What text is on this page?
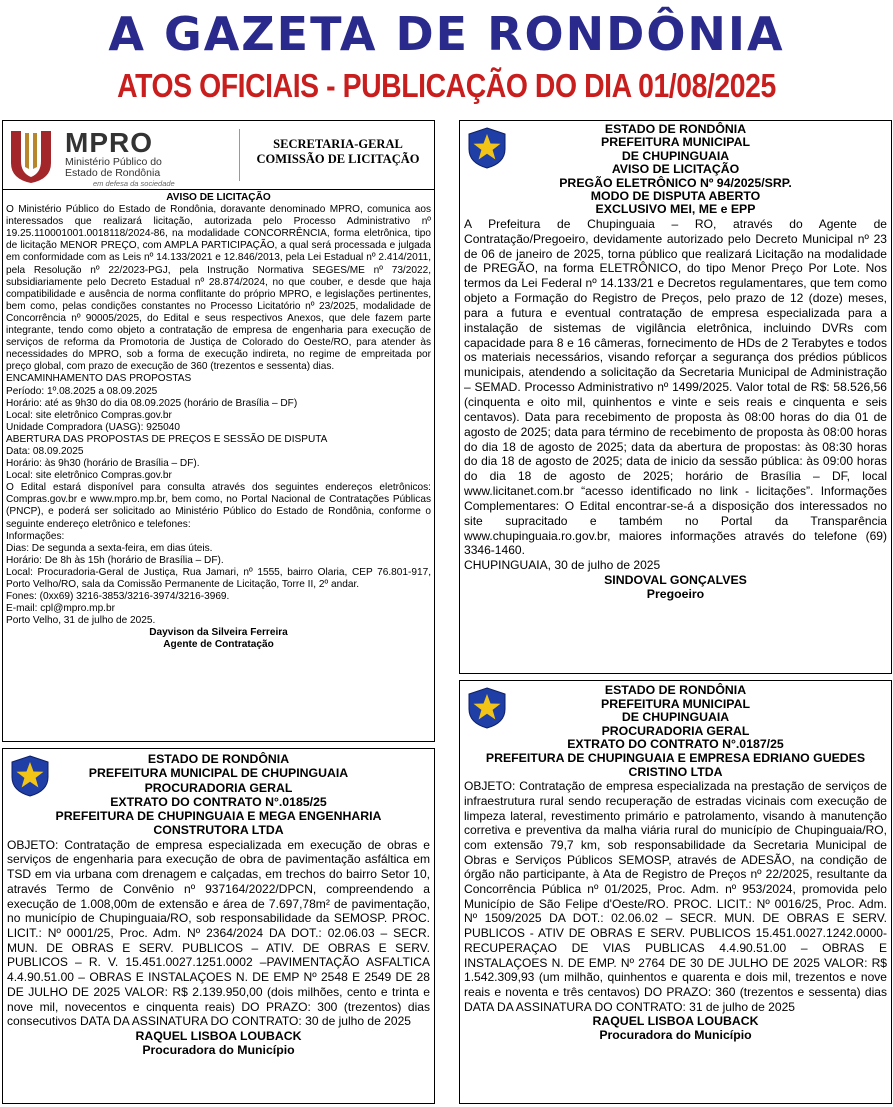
A GAZETA DE RONDÔNIA
ATOS OFICIAIS - PUBLICAÇÃO DO DIA 01/08/2025
MPRO
Ministério Público do
Estado de Rondônia
em defesa da sociedade
SECRETARIA-GERAL
COMISSÃO DE LICITAÇÃO
AVISO DE LICITAÇÃO

O Ministério Público do Estado de Rondônia, doravante denominado MPRO, comunica aos interessados que realizará licitação, autorizada pelo Processo Administrativo nº 19.25.110001001.0018118/2024-86, na modalidade CONCORRÊNCIA, forma eletrônica, tipo de licitação MENOR PREÇO, com AMPLA PARTICIPAÇÃO, a qual será processada e julgada em conformidade com as Leis nº 14.133/2021 e 12.846/2013, pela Lei Estadual nº 2.414/2011, pela Resolução nº 22/2023-PGJ, pela Instrução Normativa SEGES/ME nº 73/2022, subsidiariamente pelo Decreto Estadual nº 28.874/2024, no que couber, e desde que haja compatibilidade e ausência de norma conflitante do próprio MPRO, e legislações pertinentes, bem como, pelas condições constantes no Processo Licitatório nº 23/2025, modalidade de Concorrência nº 90005/2025, do Edital e seus respectivos Anexos, que dele fazem parte integrante, tendo como objeto a contratação de empresa de engenharia para execução de serviços de reforma da Promotoria de Justiça de Colorado do Oeste/RO, para atender às necessidades do MPRO, sob a forma de execução indireta, no regime de empreitada por preço global, com prazo de execução de 360 (trezentos e sessenta) dias.

ENCAMINHAMENTO DAS PROPOSTAS

Período: 1º.08.2025 a 08.09.2025

Horário: até as 9h30 do dia 08.09.2025 (horário de Brasília – DF)

Local: site eletrônico Compras.gov.br

Unidade Compradora (UASG): 925040

ABERTURA DAS PROPOSTAS DE PREÇOS E SESSÃO DE DISPUTA

Data: 08.09.2025

Horário: às 9h30 (horário de Brasília – DF).

Local: site eletrônico Compras.gov.br

O Edital estará disponível para consulta através dos seguintes endereços eletrônicos: Compras.gov.br e www.mpro.mp.br, bem como, no Portal Nacional de Contratações Públicas (PNCP), e poderá ser solicitado ao Ministério Público do Estado de Rondônia, conforme o seguinte endereço eletrônico e telefones:

Informações:

Dias: De segunda a sexta-feira, em dias úteis.

Horário: De 8h às 15h (horário de Brasília – DF).

Local: Procuradoria-Geral de Justiça, Rua Jamari, nº 1555, bairro Olaria, CEP 76.801-917, Porto Velho/RO, sala da Comissão Permanente de Licitação, Torre II, 2º andar.

Fones: (0xx69) 3216-3853/3216-3974/3216-3969.

E-mail: cpl@mpro.mp.br

Porto Velho, 31 de julho de 2025.

Dayvison da Silveira Ferreira
Agente de Contratação
ESTADO DE RONDÔNIA
PREFEITURA MUNICIPAL
DE CHUPINGUAIA
AVISO DE LICITAÇÃO
PREGÃO ELETRÔNICO Nº 94/2025/SRP.
MODO DE DISPUTA ABERTO
EXCLUSIVO MEI, ME e EPP

A Prefeitura de Chupinguaia – RO, através do Agente de Contratação/Pregoeiro, devidamente autorizado pelo Decreto Municipal nº 23 de 06 de janeiro de 2025, torna público que realizará Licitação na modalidade de PREGÃO, na forma ELETRÔNICO, do tipo Menor Preço Por Lote. Nos termos da Lei Federal nº 14.133/21 e Decretos regulamentares, que tem como objeto a Formação do Registro de Preços, pelo prazo de 12 (doze) meses, para a futura e eventual contratação de empresa especializada para a instalação de sistemas de vigilância eletrônica, incluindo DVRs com capacidade para 8 e 16 câmeras, fornecimento de HDs de 2 Terabytes e todos os materiais necessários, visando reforçar a segurança dos prédios públicos municipais, atendendo a solicitação da Secretaria Municipal de Administração – SEMAD. Processo Administrativo nº 1499/2025. Valor total de R$: 58.526,56 (cinquenta e oito mil, quinhentos e vinte e seis reais e cinquenta e seis centavos). Data para recebimento de proposta às 08:00 horas do dia 01 de agosto de 2025; data para término de recebimento de proposta às 08:00 horas do dia 18 de agosto de 2025; data da abertura de propostas: às 08:30 horas do dia 18 de agosto de 2025; data de inicio da sessão pública: às 09:00 horas do dia 18 de agosto de 2025; horário de Brasília – DF, local www.licitanet.com.br “acesso identificado no link - licitações”. Informações Complementares: O Edital encontrar-se-á a disposição dos interessados no site supracitado e também no Portal da Transparência www.chupinguaia.ro.gov.br, maiores informações através do telefone (69) 3346-1460.

CHUPINGUAIA, 30 de julho de 2025

SINDOVAL GONÇALVES
Pregoeiro
ESTADO DE RONDÔNIA
PREFEITURA MUNICIPAL DE CHUPINGUAIA
PROCURADORIA GERAL
EXTRATO DO CONTRATO N°.0185/25
PREFEITURA DE CHUPINGUAIA E MEGA ENGENHARIA
CONSTRUTORA LTDA

OBJETO: Contratação de empresa especializada em execução de obras e serviços de engenharia para execução de obra de pavimentação asfáltica em TSD em via urbana com drenagem e calçadas, em trechos do bairro Setor 10, através Termo de Convênio nº 937164/2022/DPCN, compreendendo a execução de 1.008,00m de extensão e área de 7.697,78m² de pavimentação, no município de Chupinguaia/RO, sob responsabilidade da SEMOSP. PROC. LICIT.: Nº 0001/25, Proc. Adm. Nº 2364/2024 DA DOT.: 02.06.03 – SECR. MUN. DE OBRAS E SERV. PUBLICOS – ATIV. DE OBRAS E SERV. PUBLICOS – R. V. 15.451.0027.1251.0002 –PAVIMENTAÇÃO ASFALTICA 4.4.90.51.00 – OBRAS E INSTALAÇOES N. DE EMP Nº 2548 E 2549 DE 28 DE JULHO DE 2025 VALOR: R$ 2.139.950,00 (dois milhões, cento e trinta e nove mil, novecentos e cinquenta reais) DO PRAZO: 300 (trezentos) dias consecutivos DATA DA ASSINATURA DO CONTRATO: 30 de julho de 2025

RAQUEL LISBOA LOUBACK
Procuradora do Município
ESTADO DE RONDÔNIA
PREFEITURA MUNICIPAL
DE CHUPINGUAIA
PROCURADORIA GERAL
EXTRATO DO CONTRATO N°.0187/25
PREFEITURA DE CHUPINGUAIA E EMPRESA EDRIANO GUEDES
CRISTINO LTDA

OBJETO: Contratação de empresa especializada na prestação de serviços de infraestrutura rural sendo recuperação de estradas vicinais com execução de limpeza lateral, revestimento primário e patrolamento, visando à manutenção corretiva e preventiva da malha viária rural do município de Chupinguaia/RO, com extensão 79,7 km, sob responsabilidade da Secretaria Municipal de Obras e Serviços Públicos SEMOSP, através de ADESÃO, na condição de órgão não participante, à Ata de Registro de Preços nº 22/2025, resultante da Concorrência Pública nº 01/2025, Proc. Adm. nº 953/2024, promovida pelo Município de São Felipe d'Oeste/RO. PROC. LICIT.: Nº 0016/25, Proc. Adm. Nº 1509/2025 DA DOT.: 02.06.02 – SECR. MUN. DE OBRAS E SERV. PUBLICOS - ATIV DE OBRAS E SERV. PUBLICOS 15.451.0027.1242.0000- RECUPERAÇAO DE VIAS PUBLICAS 4.4.90.51.00 – OBRAS E INSTALAÇOES N. DE EMP. Nº 2764 DE 30 DE JULHO DE 2025 VALOR: R$ 1.542.309,93 (um milhão, quinhentos e quarenta e dois mil, trezentos e nove reais e noventa e três centavos) DO PRAZO: 360 (trezentos e sessenta) dias DATA DA ASSINATURA DO CONTRATO: 31 de julho de 2025

RAQUEL LISBOA LOUBACK
Procuradora do Município
